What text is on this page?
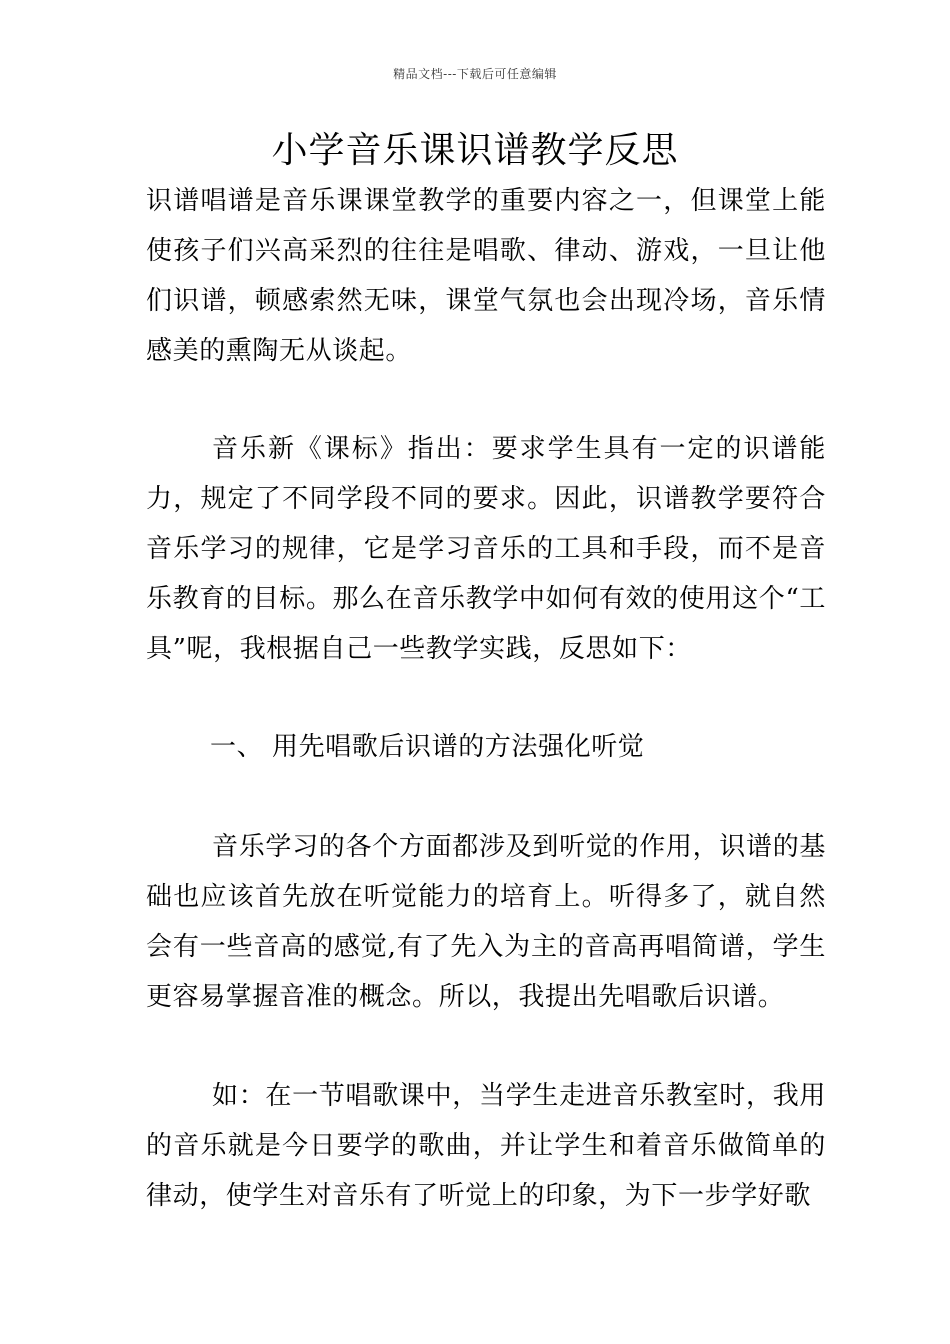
精品文档---下载后可任意编辑
小学音乐课识谱教学反思

识谱唱谱是音乐课课堂教学的重要内容之一，但课堂上能使孩子们兴高采烈的往往是唱歌、律动、游戏，一旦让他们识谱，顿感索然无味，课堂气氛也会出现冷场，音乐情感美的熏陶无从谈起。

音乐新《课标》指出：要求学生具有一定的识谱能力，规定了不同学段不同的要求。因此，识谱教学要符合音乐学习的规律，它是学习音乐的工具和手段，而不是音乐教育的目标。那么在音乐教学中如何有效的使用这个“工具”呢，我根据自己一些教学实践，反思如下：

一、 用先唱歌后识谱的方法强化听觉

音乐学习的各个方面都涉及到听觉的作用，识谱的基础也应该首先放在听觉能力的培育上。听得多了，就自然会有一些音高的感觉,有了先入为主的音高再唱简谱，学生更容易掌握音准的概念。所以，我提出先唱歌后识谱。

如：在一节唱歌课中，当学生走进音乐教室时，我用的音乐就是今日要学的歌曲，并让学生和着音乐做简单的律动，使学生对音乐有了听觉上的印象，为下一步学好歌
